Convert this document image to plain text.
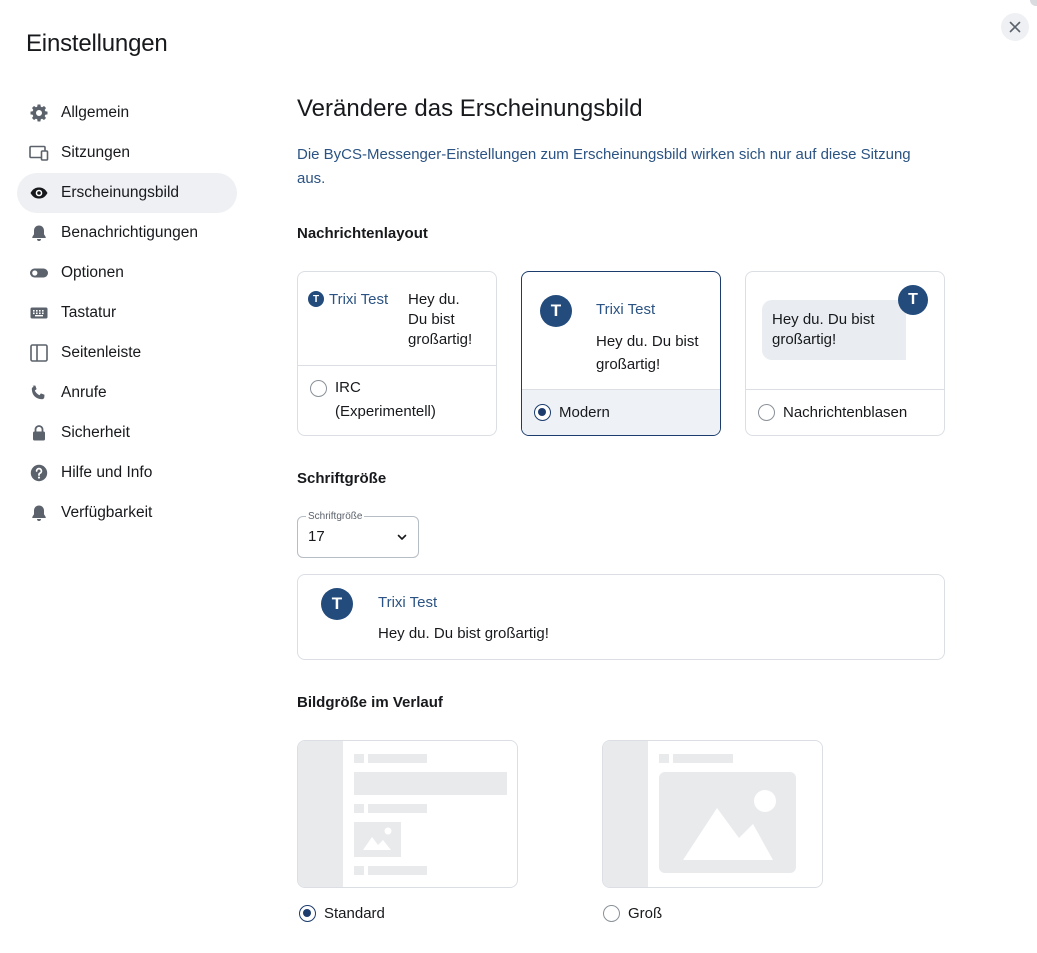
Einstellungen
Allgemein
Sitzungen
Erscheinungsbild
Benachrichtigungen
Optionen
Tastatur
Seitenleiste
Anrufe
Sicherheit
Hilfe und Info
Verfügbarkeit
Verändere das Erscheinungsbild

Die ByCS-Messenger-Einstellungen zum Erscheinungsbild wirken sich nur auf diese Sitzung aus.

Nachrichtenlayout
T Trixi Test Hey du.
Du bist
großartig!
IRC
(Experimentell)
T	Trixi Test
Hey du. Du bist
großartig!
Modern
Hey du. Du bist
großartig!
T
Nachrichtenblasen
Schriftgröße
Schriftgröße
17
T	Trixi Test
Hey du. Du bist großartig!
Bildgröße im Verlauf
Standard	Groß
